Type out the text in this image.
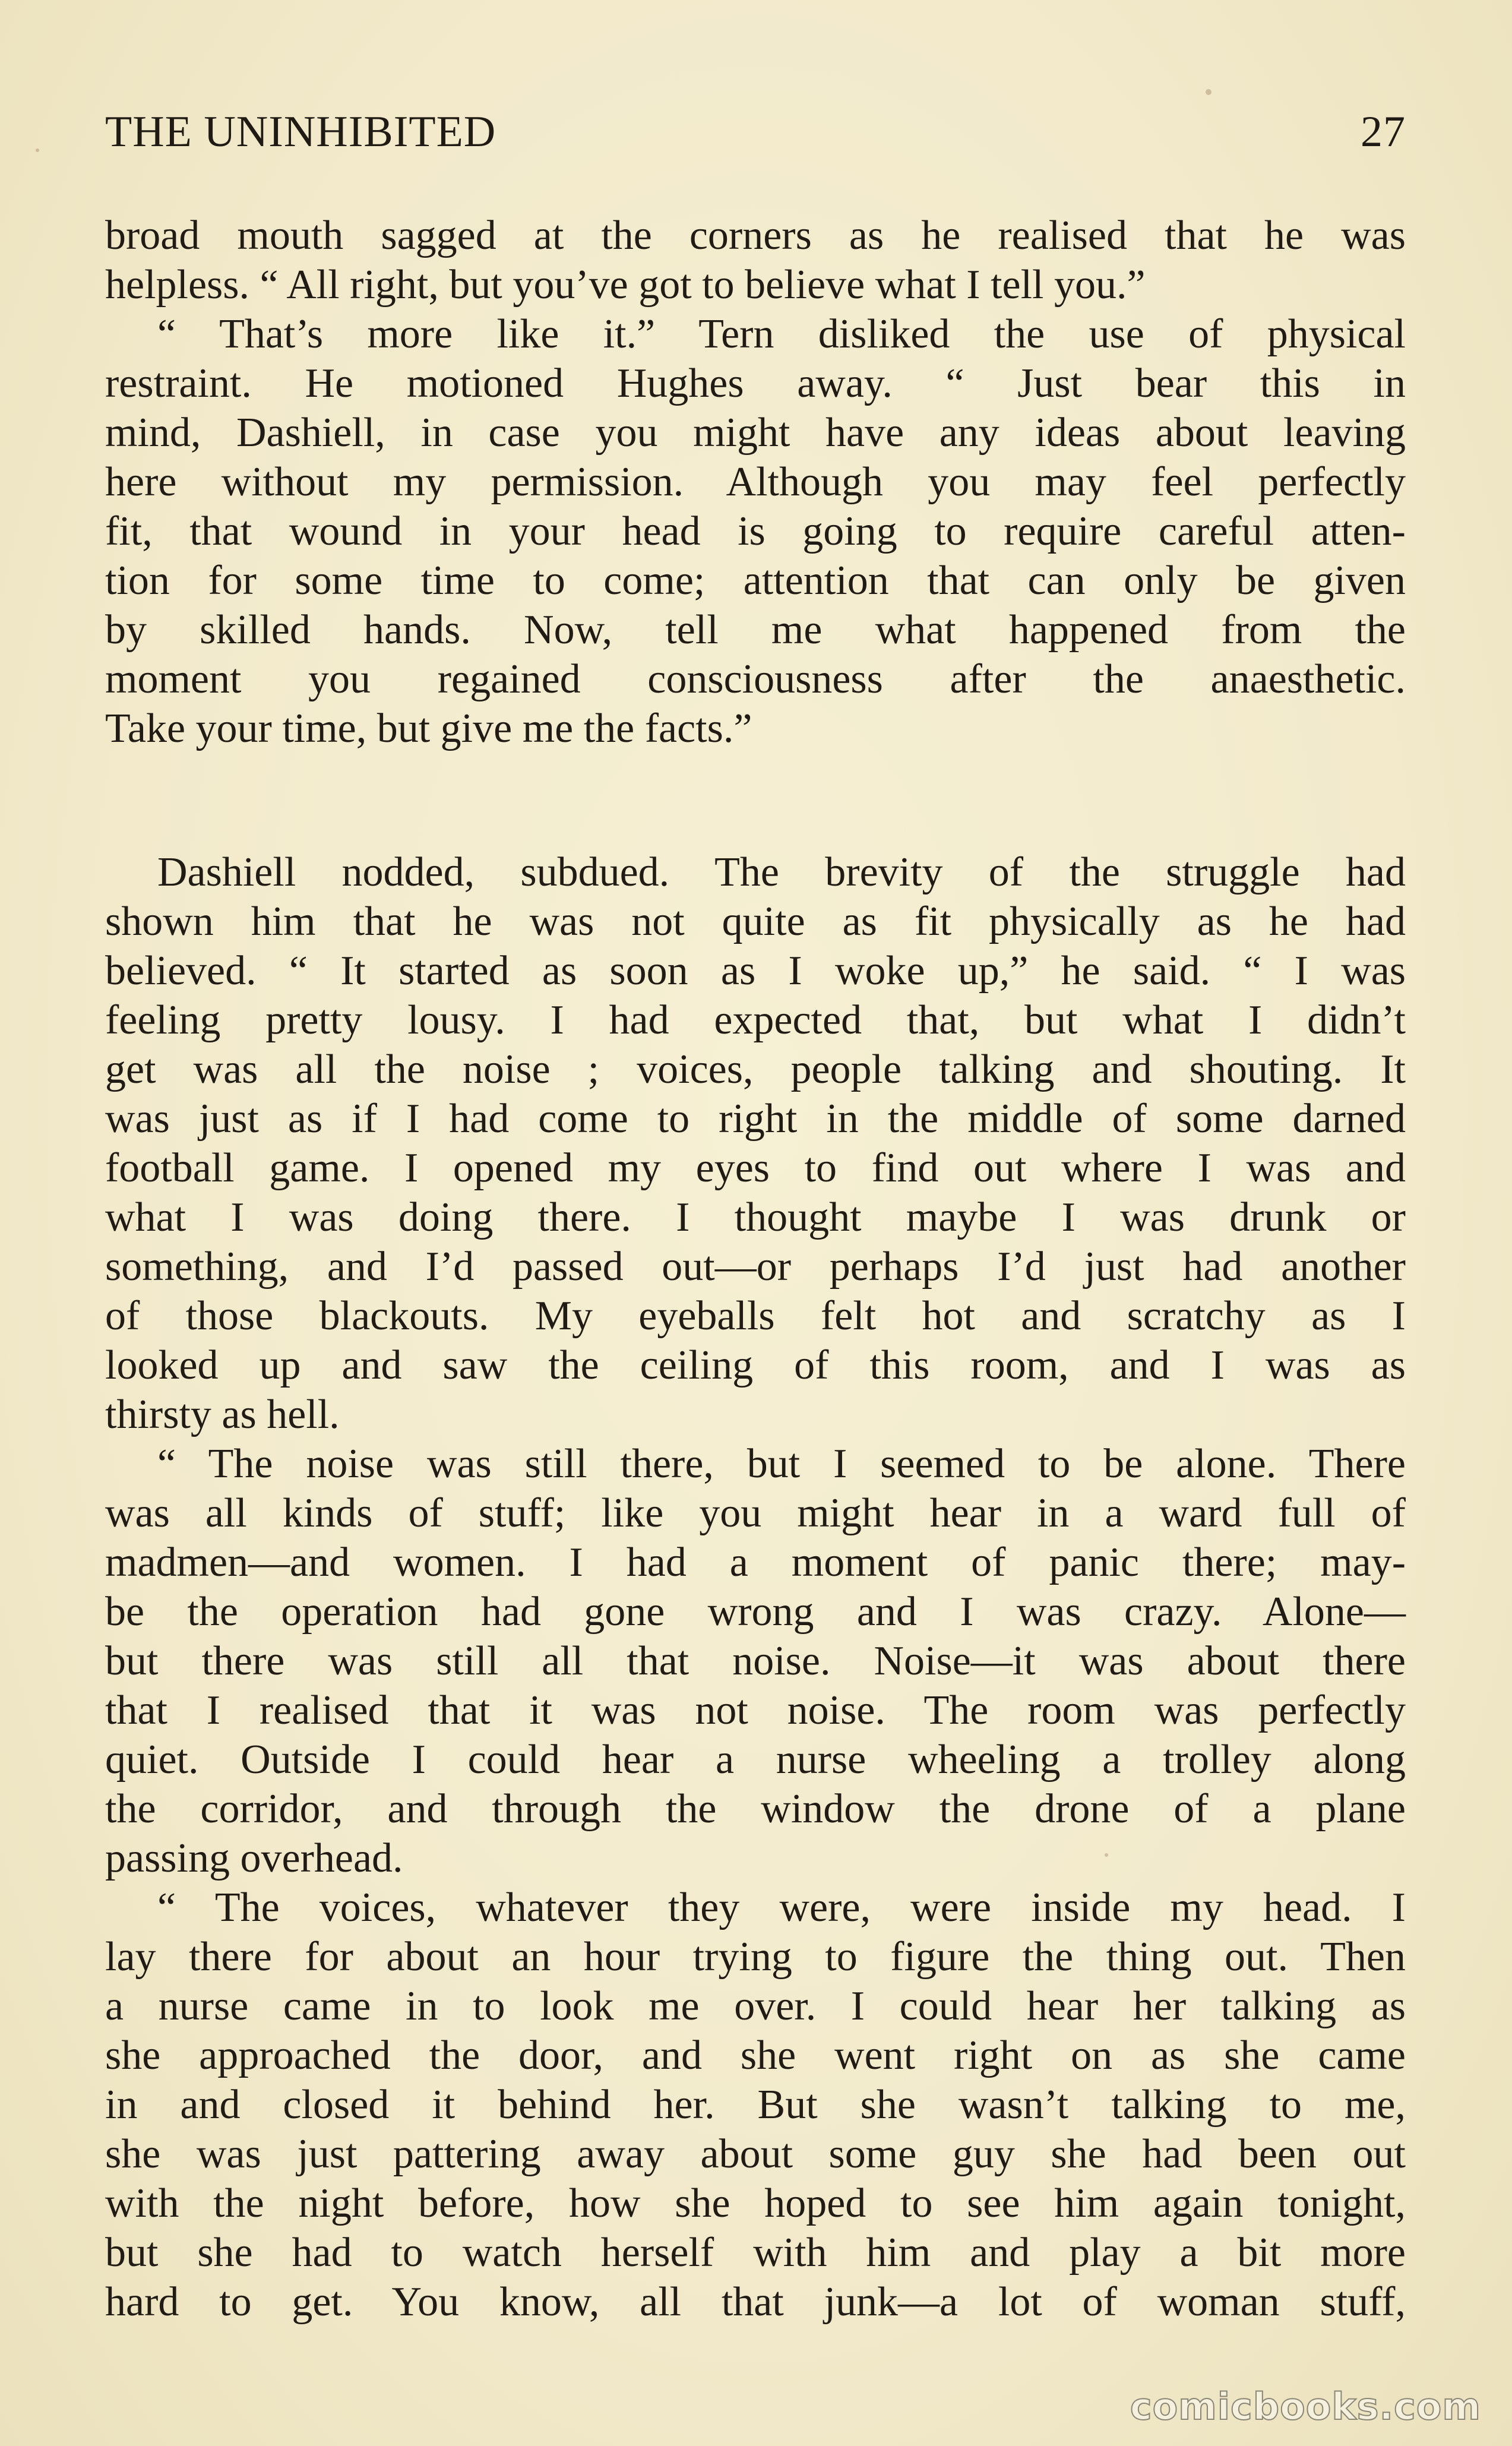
THE UNINHIBITED	27
broad mouth sagged at the corners as he realised that he was
helpless. “ All right, but you’ve got to believe what I tell you.”
“ That’s more like it.” Tern disliked the use of physical
restraint. He motioned Hughes away. “ Just bear this in
mind, Dashiell, in case you might have any ideas about leaving
here without my permission. Although you may feel perfectly
fit, that wound in your head is going to require careful atten-
tion for some time to come; attention that can only be given
by skilled hands. Now, tell me what happened from the
moment you regained consciousness after the anaesthetic.
Take your time, but give me the facts.”
Dashiell nodded, subdued. The brevity of the struggle had
shown him that he was not quite as fit physically as he had
believed. “ It started as soon as I woke up,” he said. “ I was
feeling pretty lousy. I had expected that, but what I didn’t
get was all the noise ; voices, people talking and shouting. It
was just as if I had come to right in the middle of some darned
football game. I opened my eyes to find out where I was and
what I was doing there. I thought maybe I was drunk or
something, and I’d passed out—or perhaps I’d just had another
of those blackouts. My eyeballs felt hot and scratchy as I
looked up and saw the ceiling of this room, and I was as
thirsty as hell.
“ The noise was still there, but I seemed to be alone. There
was all kinds of stuff; like you might hear in a ward full of
madmen—and women. I had a moment of panic there; may-
be the operation had gone wrong and I was crazy. Alone—
but there was still all that noise. Noise—it was about there
that I realised that it was not noise. The room was perfectly
quiet. Outside I could hear a nurse wheeling a trolley along
the corridor, and through the window the drone of a plane
passing overhead.
“ The voices, whatever they were, were inside my head. I
lay there for about an hour trying to figure the thing out. Then
a nurse came in to look me over. I could hear her talking as
she approached the door, and she went right on as she came
in and closed it behind her. But she wasn’t talking to me,
she was just pattering away about some guy she had been out
with the night before, how she hoped to see him again tonight,
but she had to watch herself with him and play a bit more
hard to get. You know, all that junk—a lot of woman stuff,
comicbooks.com
